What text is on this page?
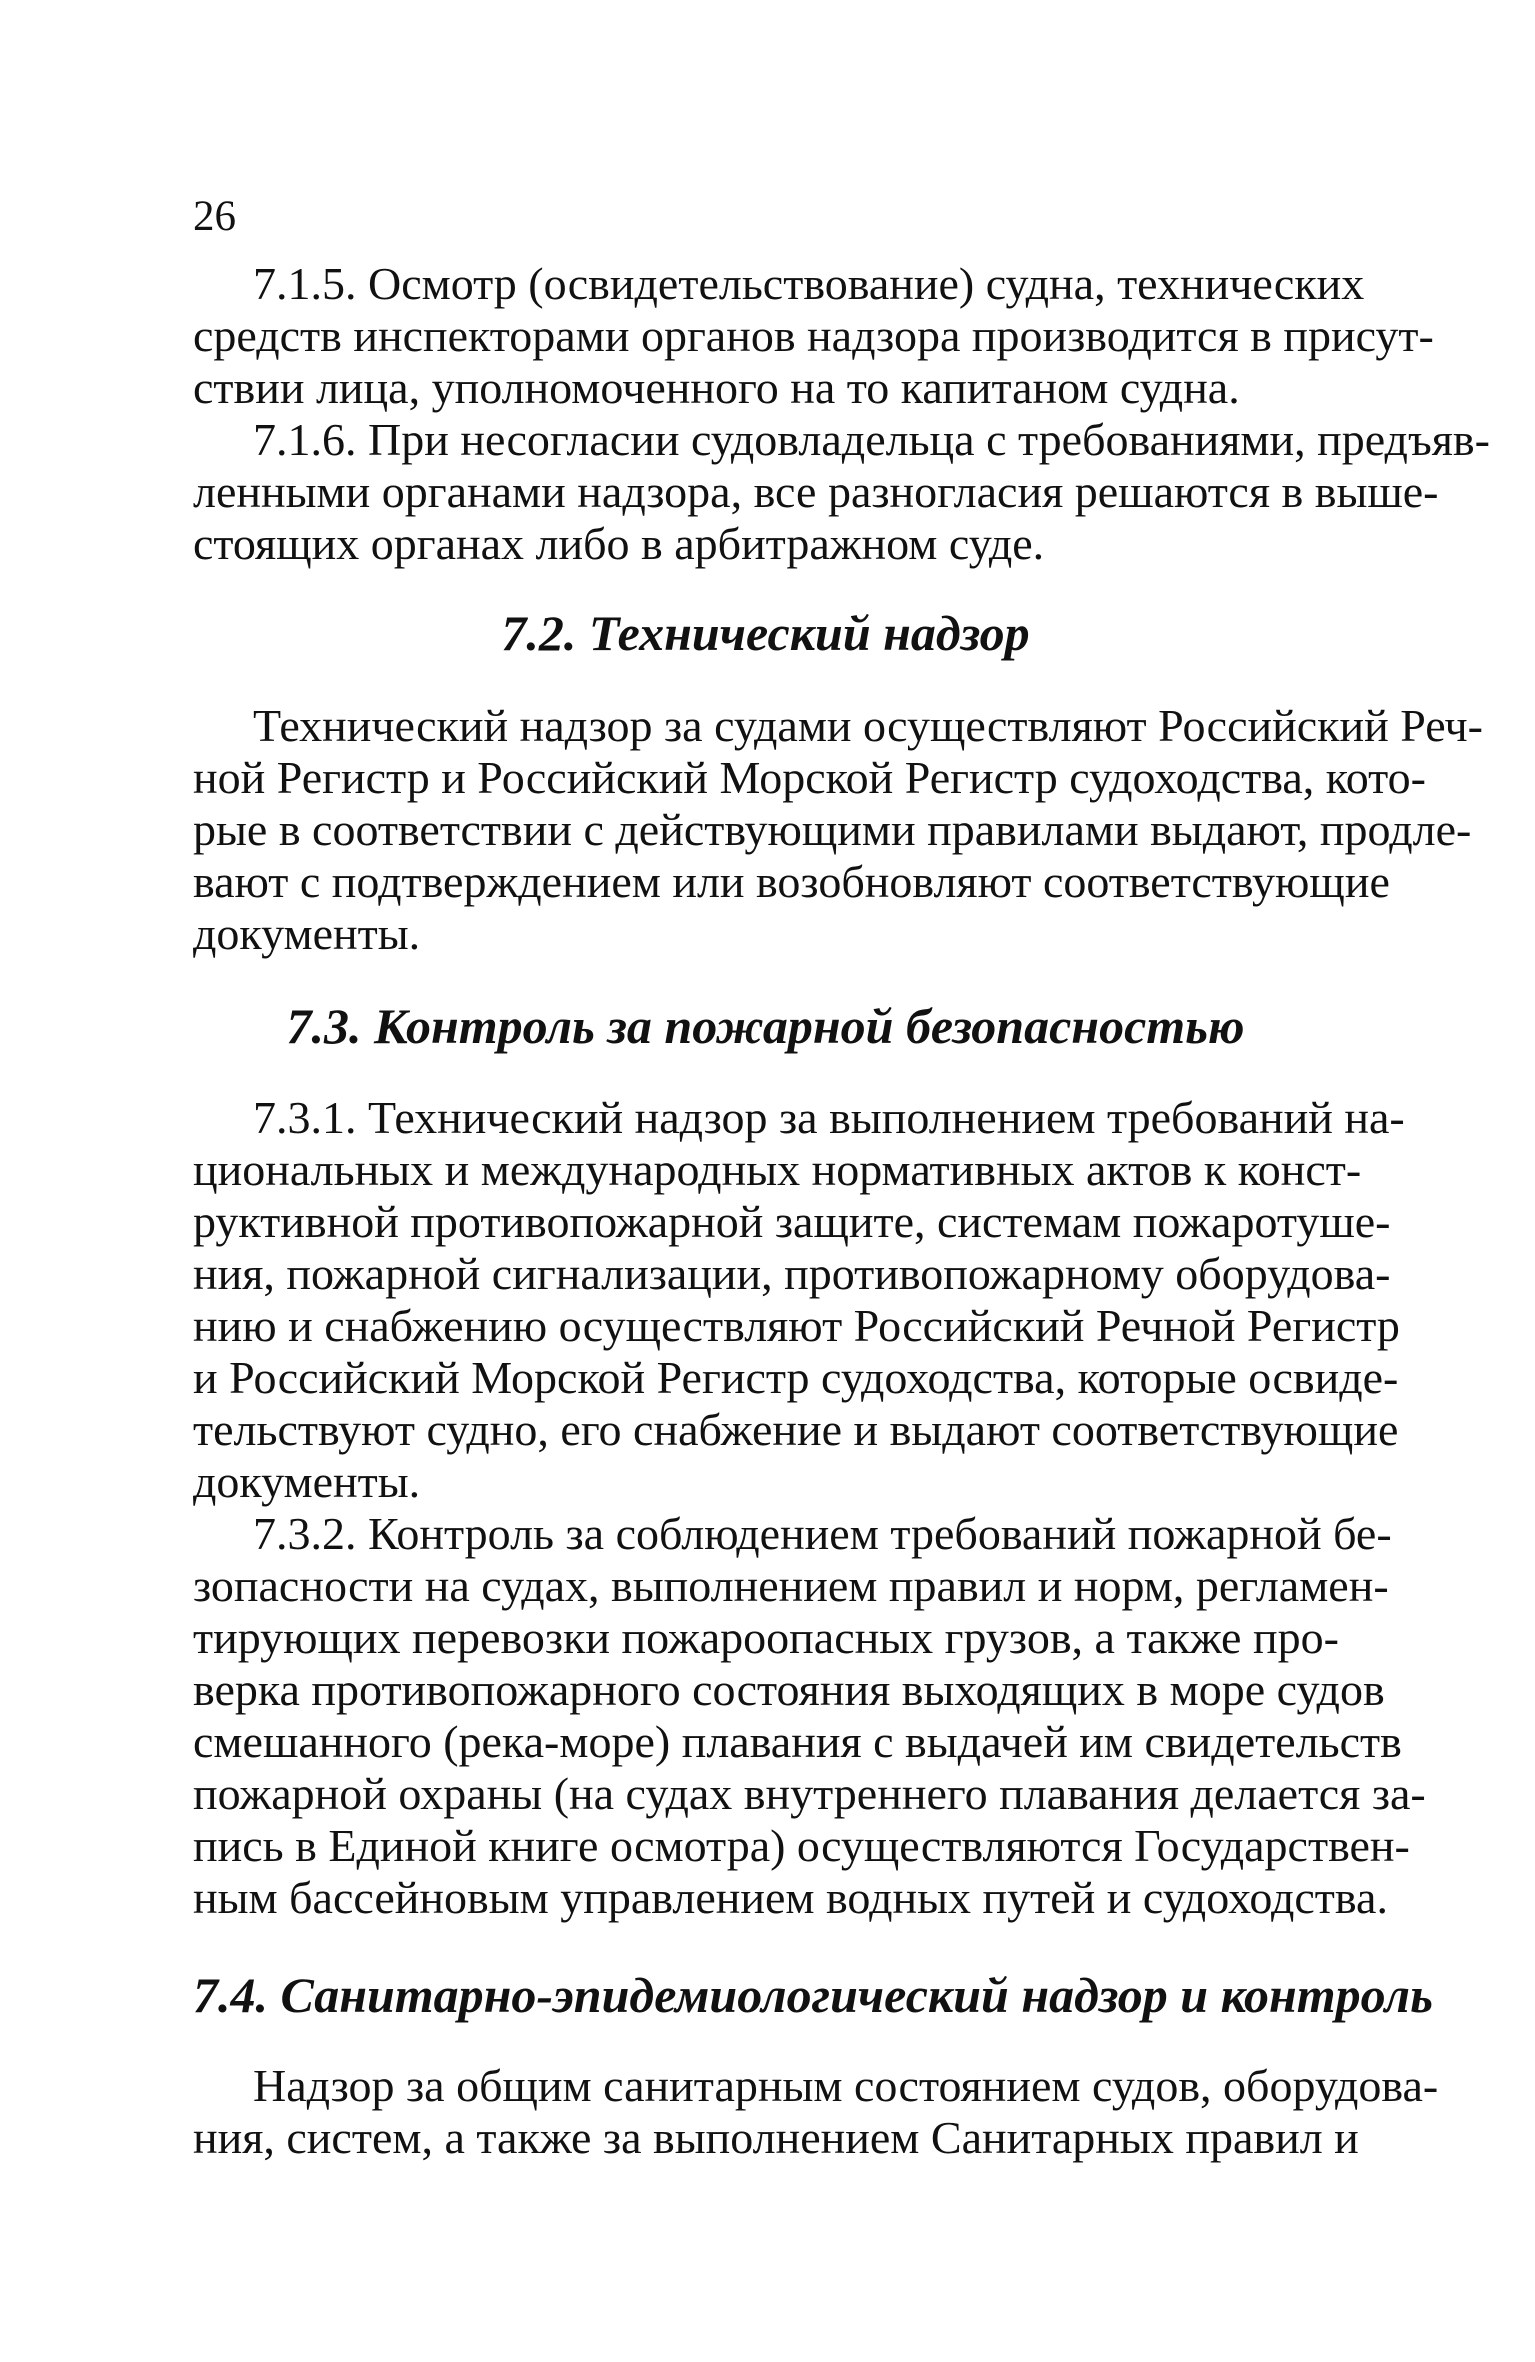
26
7.1.5. Осмотр (освидетельствование) судна, технических
средств инспекторами органов надзора производится в присут-
ствии лица, уполномоченного на то капитаном судна.
7.1.6. При несогласии судовладельца с требованиями, предъяв-
ленными органами надзора, все разногласия решаются в выше-
стоящих органах либо в арбитражном суде.
7.2. Технический надзор
Технический надзор за судами осуществляют Российский Реч-
ной Регистр и Российский Морской Регистр судоходства, кото-
рые в соответствии с действующими правилами выдают, продле-
вают с подтверждением или возобновляют соответствующие
документы.
7.3. Контроль за пожарной безопасностью
7.3.1. Технический надзор за выполнением требований на-
циональных и международных нормативных актов к конст-
руктивной противопожарной защите, системам пожаротуше-
ния, пожарной сигнализации, противопожарному оборудова-
нию и снабжению осуществляют Российский Речной Регистр
и Российский Морской Регистр судоходства, которые освиде-
тельствуют судно, его снабжение и выдают соответствующие
документы.
7.3.2. Контроль за соблюдением требований пожарной бе-
зопасности на судах, выполнением правил и норм, регламен-
тирующих перевозки пожароопасных грузов, а также про-
верка противопожарного состояния выходящих в море судов
смешанного (река-море) плавания с выдачей им свидетельств
пожарной охраны (на судах внутреннего плавания делается за-
пись в Единой книге осмотра) осуществляются Государствен-
ным бассейновым управлением водных путей и судоходства.
7.4. Санитарно-эпидемиологический надзор и контроль
Надзор за общим санитарным состоянием судов, оборудова-
ния, систем, а также за выполнением Санитарных правил и
